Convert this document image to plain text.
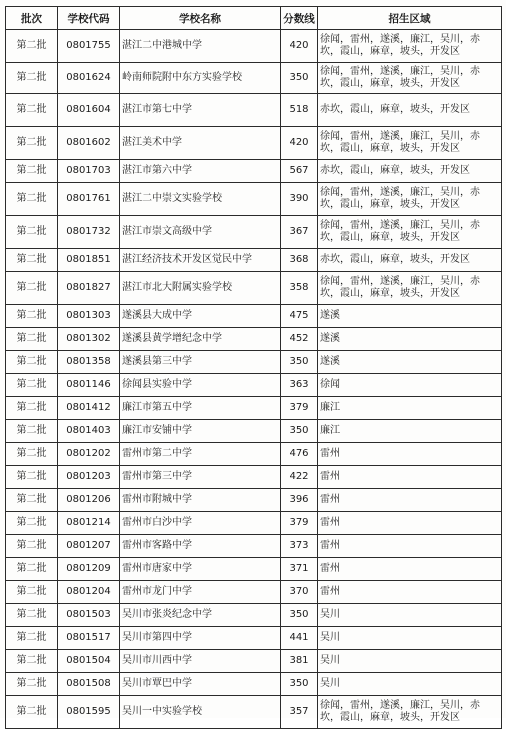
批次	学校代码	学校名称	分数线	招生区域
第二批	0801755	湛江二中港城中学	420	徐闻，雷州，遂溪，廉江，吴川，赤坎，霞山，麻章，坡头，开发区
第二批	0801624	岭南师院附中东方实验学校	350	徐闻，雷州，遂溪，廉江，吴川，赤坎，霞山，麻章，坡头，开发区
第二批	0801604	湛江市第七中学	518	赤坎，霞山，麻章，坡头，开发区
第二批	0801602	湛江美术中学	420	徐闻，雷州，遂溪，廉江，吴川，赤坎，霞山，麻章，坡头，开发区
第二批	0801703	湛江市第六中学	567	赤坎，霞山，麻章，坡头，开发区
第二批	0801761	湛江二中崇文实验学校	390	徐闻，雷州，遂溪，廉江，吴川，赤坎，霞山，麻章，坡头，开发区
第二批	0801732	湛江市崇文高级中学	367	徐闻，雷州，遂溪，廉江，吴川，赤坎，霞山，麻章，坡头，开发区
第二批	0801851	湛江经济技术开发区觉民中学	368	赤坎，霞山，麻章，坡头，开发区
第二批	0801827	湛江市北大附属实验学校	358	徐闻，雷州，遂溪，廉江，吴川，赤坎，霞山，麻章，坡头，开发区
第二批	0801303	遂溪县大成中学	475	遂溪
第二批	0801302	遂溪县黄学增纪念中学	452	遂溪
第二批	0801358	遂溪县第三中学	350	遂溪
第二批	0801146	徐闻县实验中学	363	徐闻
第二批	0801412	廉江市第五中学	379	廉江
第二批	0801403	廉江市安铺中学	350	廉江
第二批	0801202	雷州市第二中学	476	雷州
第二批	0801203	雷州市第三中学	422	雷州
第二批	0801206	雷州市附城中学	396	雷州
第二批	0801214	雷州市白沙中学	379	雷州
第二批	0801207	雷州市客路中学	373	雷州
第二批	0801209	雷州市唐家中学	371	雷州
第二批	0801204	雷州市龙门中学	370	雷州
第二批	0801503	吴川市张炎纪念中学	350	吴川
第二批	0801517	吴川市第四中学	441	吴川
第二批	0801504	吴川市川西中学	381	吴川
第二批	0801508	吴川市覃巴中学	350	吴川
第二批	0801595	吴川一中实验学校	357	徐闻，雷州，遂溪，廉江，吴川，赤坎，霞山，麻章，坡头，开发区
